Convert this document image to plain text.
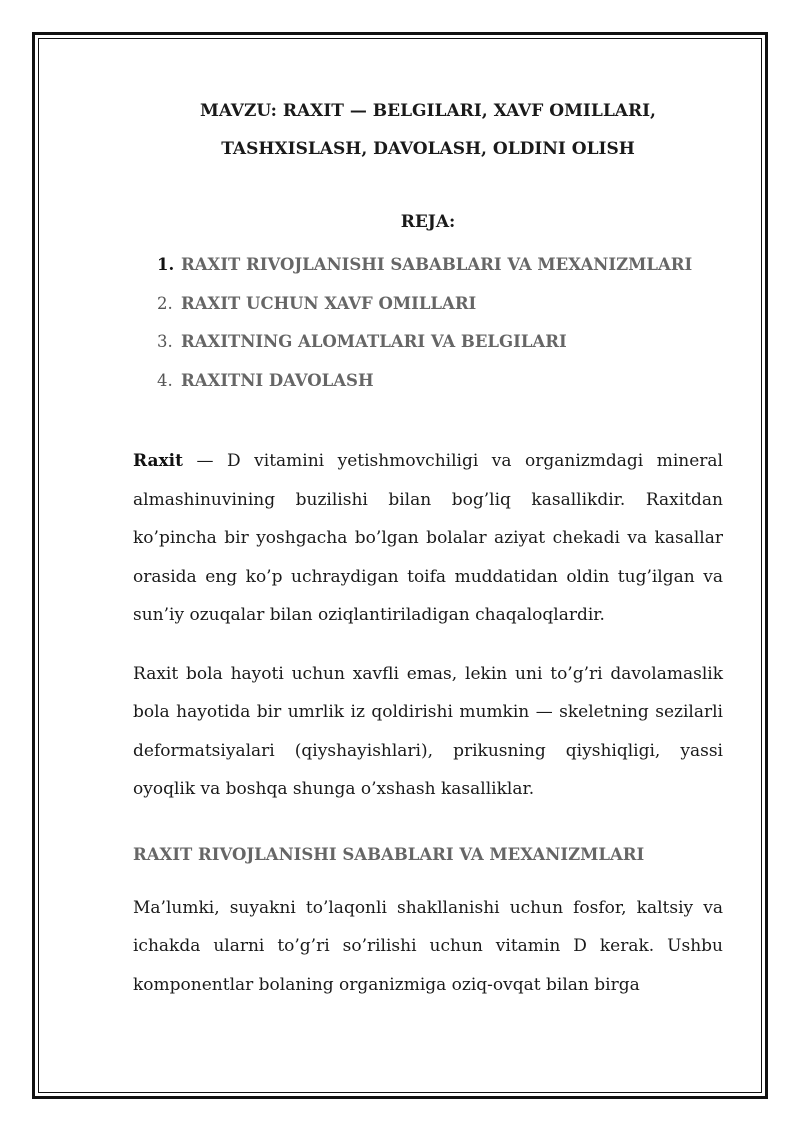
MAVZU: RAXIT — BELGILARI, XAVF OMILLARI,

TASHXISLASH, DAVOLASH, OLDINI OLISH

REJA:

1. RAXIT RIVOJLANISHI SABABLARI VA MEXANIZMLARI
2. RAXIT UCHUN XAVF OMILLARI
3. RAXITNING ALOMATLARI VA BELGILARI
4. RAXITNI DAVOLASH

Raxit — D vitamini yetishmovchiligi va organizmdagi mineral almashinuvining buzilishi bilan bog’liq kasallikdir. Raxitdan ko’pincha bir yoshgacha bo’lgan bolalar aziyat chekadi va kasallar orasida eng ko’p uchraydigan toifa muddatidan oldin tug’ilgan va sun’iy ozuqalar bilan oziqlantiriladigan chaqaloqlardir.

Raxit bola hayoti uchun xavfli emas, lekin uni to’g’ri davolamaslik bola hayotida bir umrlik iz qoldirishi mumkin — skeletning sezilarli deformatsiyalari (qiyshayishlari), prikusning qiyshiqligi, yassi oyoqlik va boshqa shunga o’xshash kasalliklar.

RAXIT RIVOJLANISHI SABABLARI VA MEXANIZMLARI

Ma’lumki, suyakni to’laqonli shakllanishi uchun fosfor, kaltsiy va ichakda ularni to’g’ri so’rilishi uchun vitamin D kerak. Ushbu komponentlar bolaning organizmiga oziq-ovqat bilan birga
